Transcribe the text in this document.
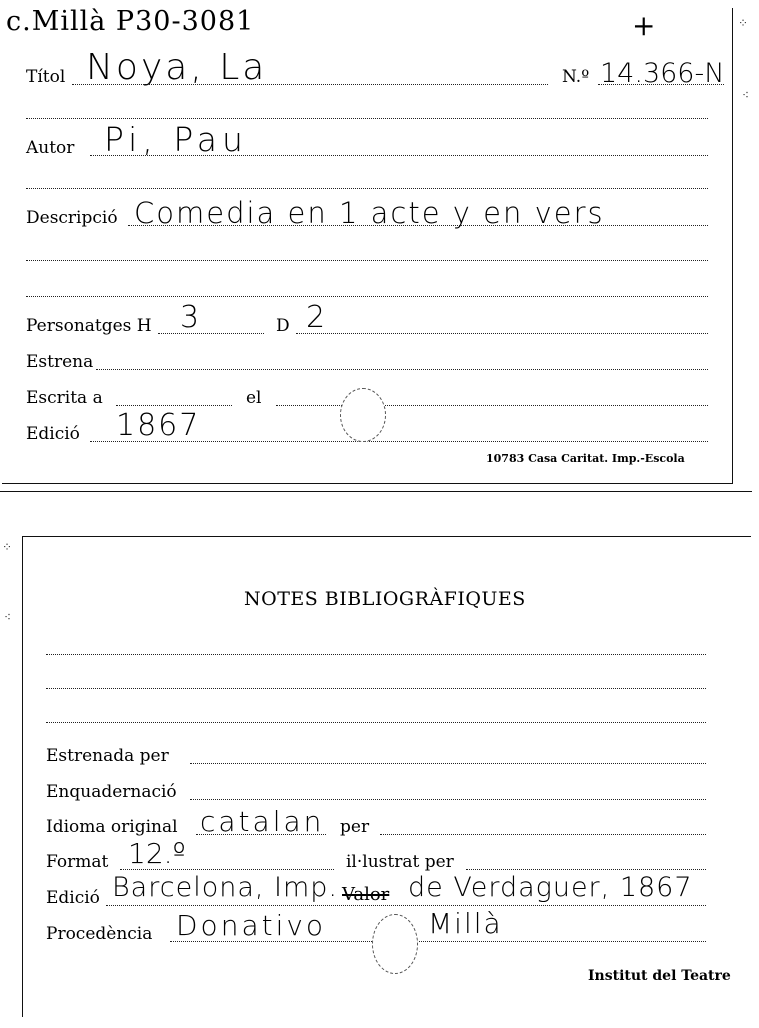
c.Millà P30-3081	+
Títol Noya, La	N.º 14.366-N
Autor Pi, Pau
Descripció Comedia en 1 acte y en vers
Personatges H 3	D 2
Estrena
Escrita a	el
Edició 1867
10783 Casa Caritat. Imp.-Escola
⁘
⁖
⁘
⁖
NOTES BIBLIOGRÀFIQUES
Estrenada per
Enquadernació
Idioma original catalan per
Format 12.º	il·lustrat per
Edició Barcelona, Imp. Valor de Verdaguer, 1867
Procedència Donativo	Millà
Institut del Teatre
